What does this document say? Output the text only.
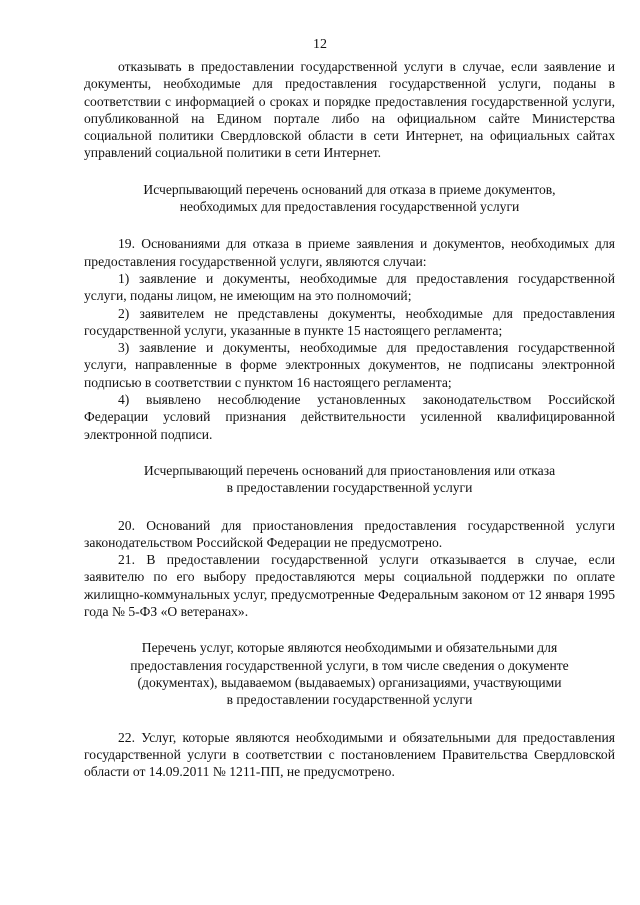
12

отказывать в предоставлении государственной услуги в случае, если заявление и документы, необходимые для предоставления государственной услуги, поданы в соответствии с информацией о сроках и порядке предоставления государственной услуги, опубликованной на Едином портале либо на официальном сайте Министерства социальной политики Свердловской области в сети Интернет, на официальных сайтах управлений социальной политики в сети Интернет.

Исчерпывающий перечень оснований для отказа в приеме документов,
необходимых для предоставления государственной услуги

19. Основаниями для отказа в приеме заявления и документов, необходимых для предоставления государственной услуги, являются случаи:

1) заявление и документы, необходимые для предоставления государственной услуги, поданы лицом, не имеющим на это полномочий;

2) заявителем не представлены документы, необходимые для предоставления государственной услуги, указанные в пункте 15 настоящего регламента;

3) заявление и документы, необходимые для предоставления государственной услуги, направленные в форме электронных документов, не подписаны электронной подписью в соответствии с пунктом 16 настоящего регламента;

4) выявлено несоблюдение установленных законодательством Российской Федерации условий признания действительности усиленной квалифицированной электронной подписи.

Исчерпывающий перечень оснований для приостановления или отказа
в предоставлении государственной услуги

20. Оснований для приостановления предоставления государственной услуги законодательством Российской Федерации не предусмотрено.

21. В предоставлении государственной услуги отказывается в случае, если заявителю по его выбору предоставляются меры социальной поддержки по оплате жилищно-коммунальных услуг, предусмотренные Федеральным законом от 12 января 1995 года № 5-ФЗ «О ветеранах».

Перечень услуг, которые являются необходимыми и обязательными для
предоставления государственной услуги, в том числе сведения о документе
(документах), выдаваемом (выдаваемых) организациями, участвующими
в предоставлении государственной услуги

22. Услуг, которые являются необходимыми и обязательными для предоставления государственной услуги в соответствии с постановлением Правительства Свердловской области от 14.09.2011 № 1211-ПП, не предусмотрено.
